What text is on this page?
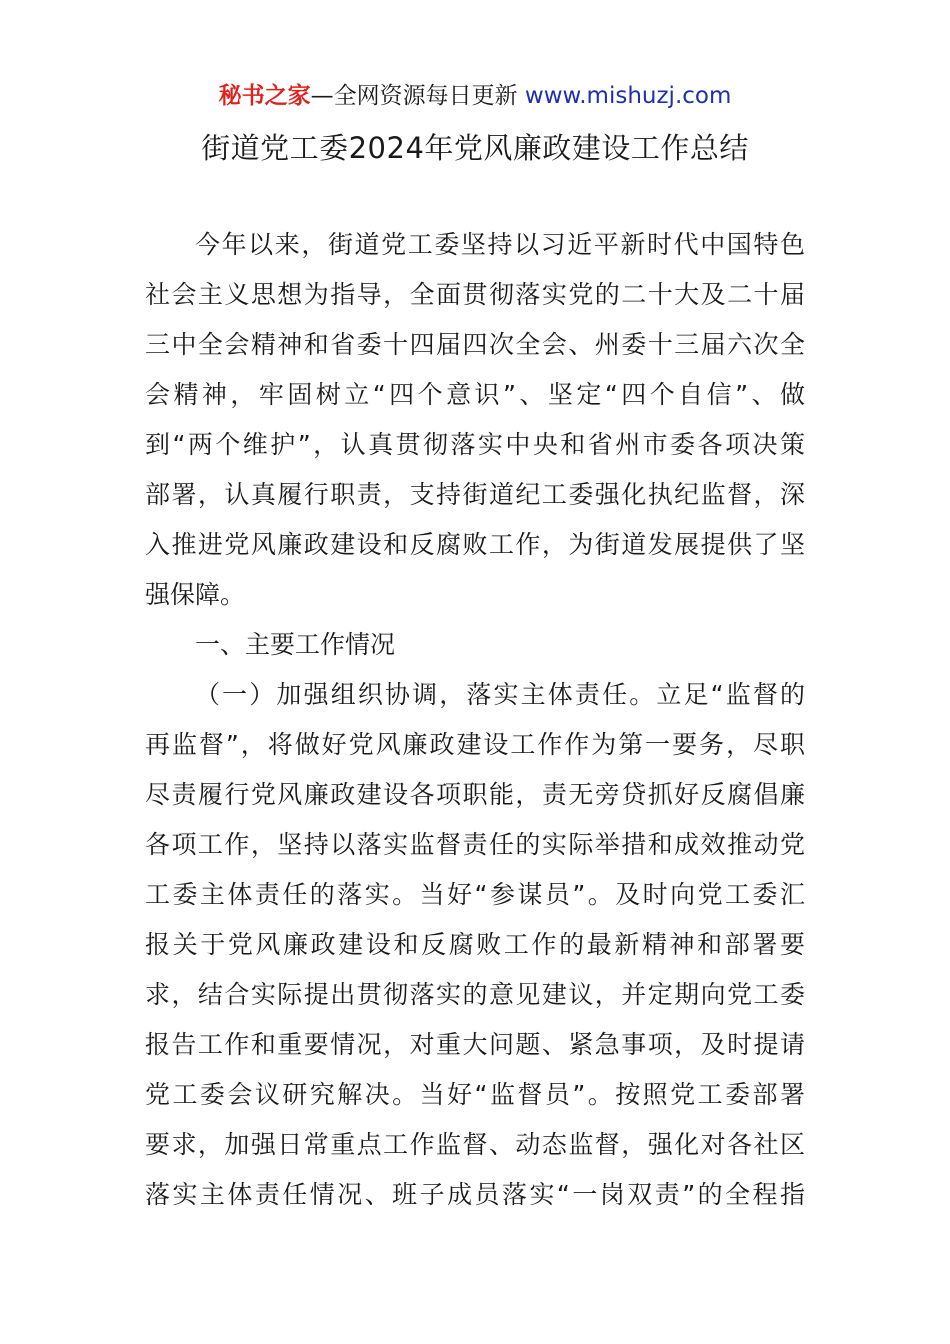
秘书之家—全网资源每日更新 www.mishuzj.com
街道党工委2024年党风廉政建设工作总结
今年以来，街道党工委坚持以习近平新时代中国特色
社会主义思想为指导，全面贯彻落实党的二十大及二十届
三中全会精神和省委十四届四次全会、州委十三届六次全
会精神，牢固树立“四个意识”、坚定“四个自信”、做
到“两个维护”，认真贯彻落实中央和省州市委各项决策
部署，认真履行职责，支持街道纪工委强化执纪监督，深
入推进党风廉政建设和反腐败工作，为街道发展提供了坚
强保障。
一、主要工作情况
（一）加强组织协调，落实主体责任。立足“监督的
再监督”，将做好党风廉政建设工作作为第一要务，尽职
尽责履行党风廉政建设各项职能，责无旁贷抓好反腐倡廉
各项工作，坚持以落实监督责任的实际举措和成效推动党
工委主体责任的落实。当好“参谋员”。及时向党工委汇
报关于党风廉政建设和反腐败工作的最新精神和部署要
求，结合实际提出贯彻落实的意见建议，并定期向党工委
报告工作和重要情况，对重大问题、紧急事项，及时提请
党工委会议研究解决。当好“监督员”。按照党工委部署
要求，加强日常重点工作监督、动态监督，强化对各社区
落实主体责任情况、班子成员落实“一岗双责”的全程指
